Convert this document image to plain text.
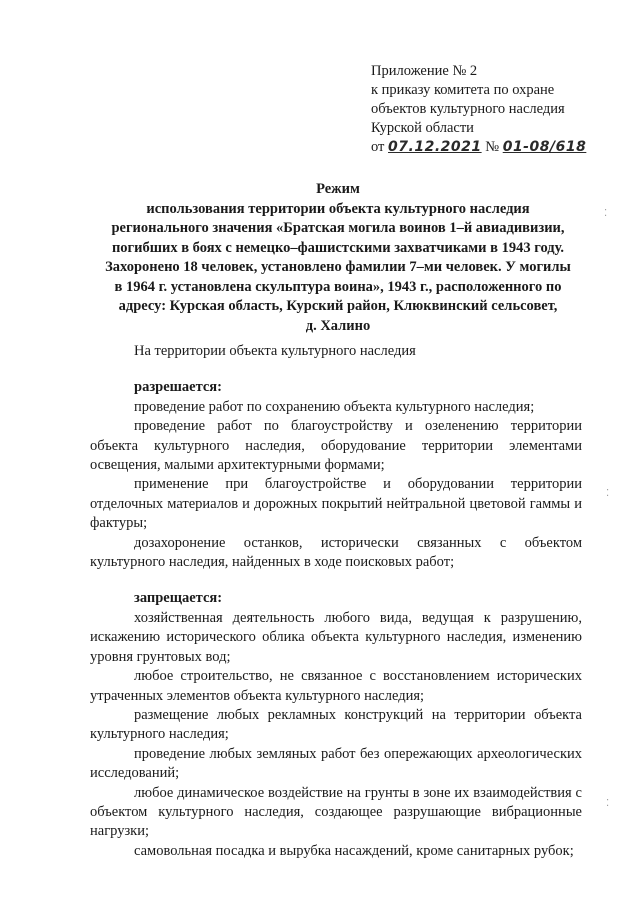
Приложение № 2
к приказу комитета по охране
объектов культурного наследия
Курской области
от 07.12.2021 № 01-08/618
Режим
использования территории объекта культурного наследия
регионального значения «Братская могила воинов 1–й авиадивизии,
погибших в боях с немецко–фашистскими захватчиками в 1943 году.
Захоронено 18 человек, установлено фамилии 7–ми человек. У могилы
в 1964 г. установлена скульптура воина», 1943 г., расположенного по
адресу: Курская область, Курский район, Клюквинский сельсовет,
д. Халино
На территории объекта культурного наследия
разрешается:

проведение работ по сохранению объекта культурного наследия;

проведение работ по благоустройству и озеленению территории объекта культурного наследия, оборудование территории элементами освещения, малыми архитектурными формами;

применение при благоустройстве и оборудовании территории отделочных материалов и дорожных покрытий нейтральной цветовой гаммы и фактуры;

дозахоронение останков, исторически связанных с объектом культурного наследия, найденных в ходе поисковых работ;

запрещается:

хозяйственная деятельность любого вида, ведущая к разрушению, искажению исторического облика объекта культурного наследия, изменению уровня грунтовых вод;

любое строительство, не связанное с восстановлением исторических утраченных элементов объекта культурного наследия;

размещение любых рекламных конструкций на территории объекта культурного наследия;

проведение любых земляных работ без опережающих археологических исследований;

любое динамическое воздействие на грунты в зоне их взаимодействия с объектом культурного наследия, создающее разрушающие вибрационные нагрузки;

самовольная посадка и вырубка насаждений, кроме санитарных рубок;

⁚
⁚
⁚
